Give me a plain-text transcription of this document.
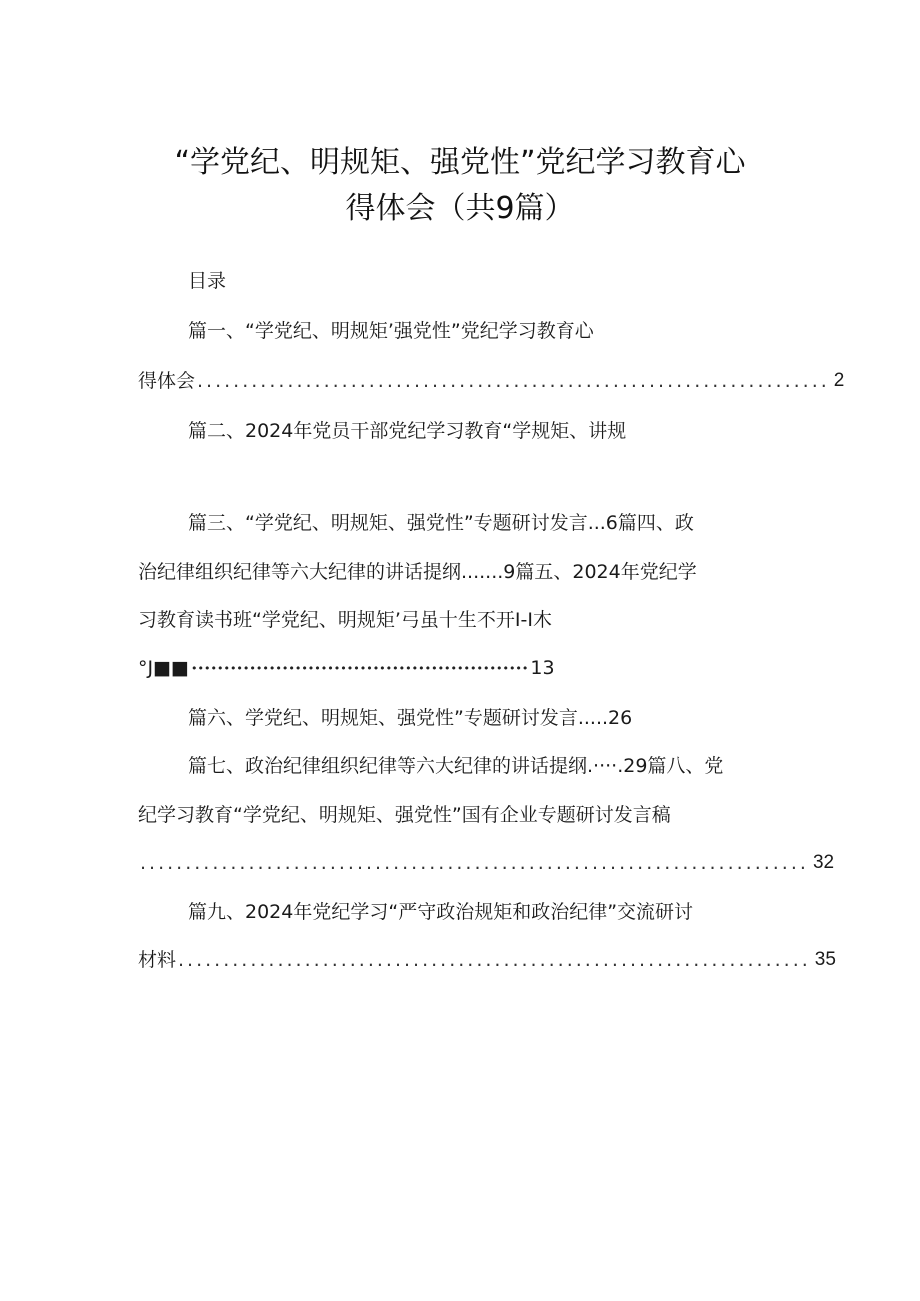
“学党纪、明规矩、强党性”党纪学习教育心
得体会（共9篇）
目录
篇一、“学党纪、明规矩’强党性”党纪学习教育心
得体会 ...................................................................... 2
篇二、2024年党员干部党纪学习教育“学规矩、讲规
篇三、“学党纪、明规矩、强党性”专题研讨发言...6篇四、政
治纪律组织纪律等六大纪律的讲话提纲.......9篇五、2024年党纪学
习教育读书班“学党纪、明规矩’弓虽十生不开I-I木
°J■■ •••••••••••••••••••••••••••••••••••••••••••••••••••• 13
篇六、学党纪、明规矩、强党性”专题研讨发言.....26
篇七、政治纪律组织纪律等六大纪律的讲话提纲.····.29篇八、党
纪学习教育“学党纪、明规矩、强党性”国有企业专题研讨发言稿
.......................................................................... 32
篇九、2024年党纪学习“严守政治规矩和政治纪律”交流研讨
材料 ...................................................................... 35
